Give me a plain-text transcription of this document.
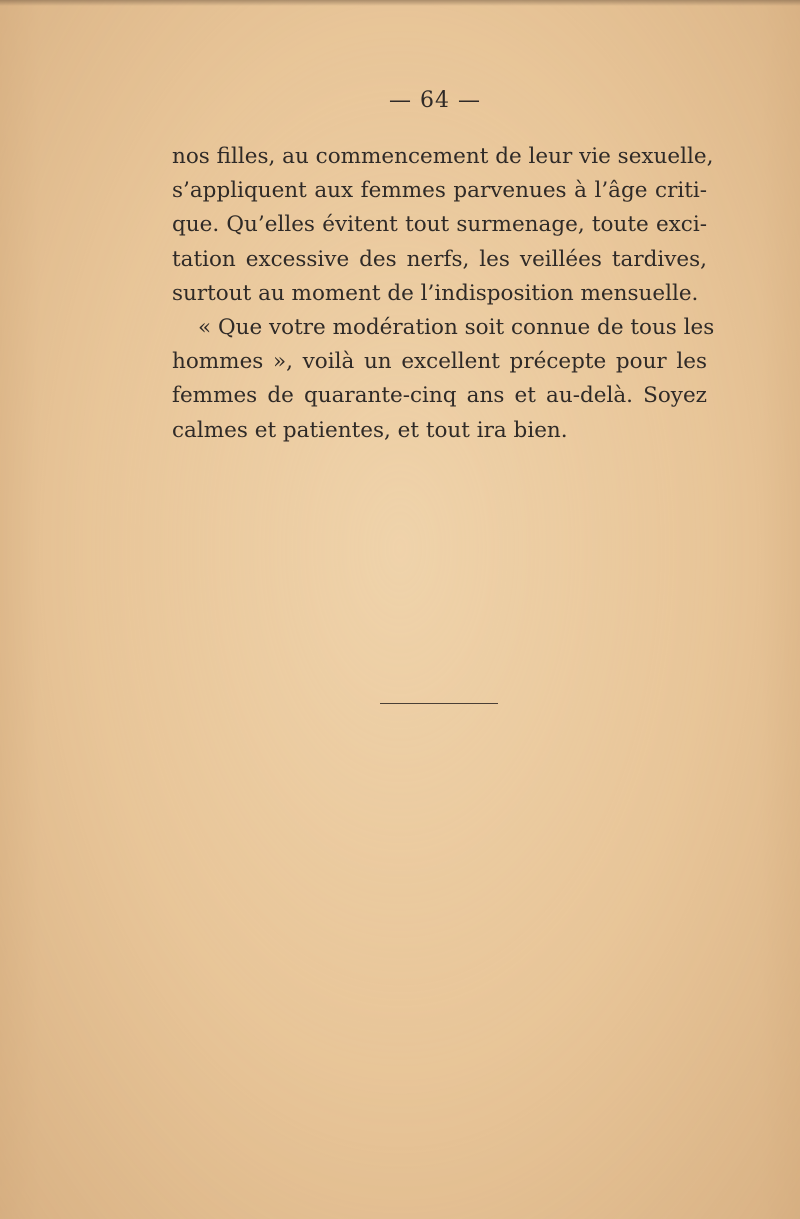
— 64 —
nos filles, au commencement de leur vie sexuelle,
s’appliquent aux femmes parvenues à l’âge criti-
que. Qu’elles évitent tout surmenage, toute exci-
tation excessive des nerfs, les veillées tardives,
surtout au moment de l’indisposition mensuelle.
« Que votre modération soit connue de tous les
hommes », voilà un excellent précepte pour les
femmes de quarante-cinq ans et au-delà. Soyez
calmes et patientes, et tout ira bien.
